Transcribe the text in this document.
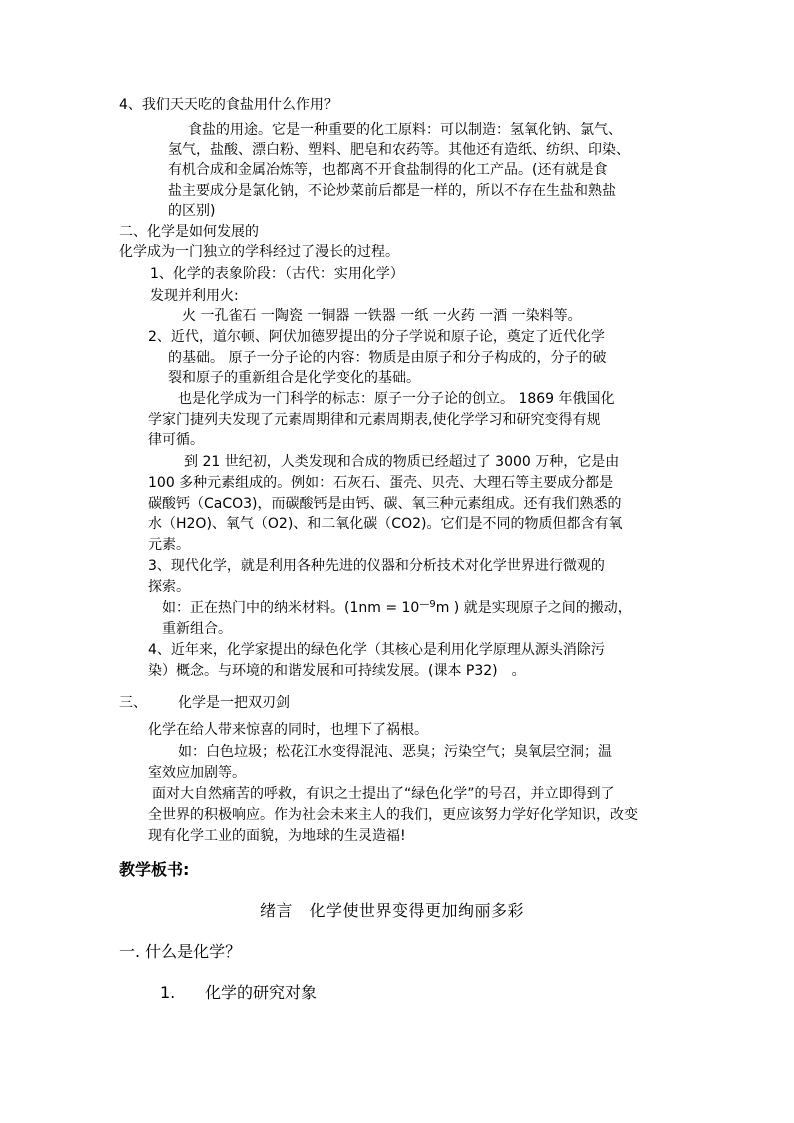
4、我们天天吃的食盐用什么作用？

食盐的用途。它是一种重要的化工原料：可以制造：氢氧化钠、氯气、

氢气，盐酸、漂白粉、塑料、肥皂和农药等。其他还有造纸、纺织、印染、

有机合成和金属冶炼等，也都离不开食盐制得的化工产品。(还有就是食

盐主要成分是氯化钠，不论炒菜前后都是一样的，所以不存在生盐和熟盐

的区别)

二、化学是如何发展的

化学成为一门独立的学科经过了漫长的过程。

1、化学的表象阶段：（古代：实用化学）

发现并利用火:

火 一孔雀石 一陶瓷 一铜器 一铁器 一纸 一火药 一酒 一染料等。

2、近代，道尔顿、阿伏加德罗提出的分子学说和原子论，奠定了近代化学

的基础。 原子一分子论的内容：物质是由原子和分子构成的，分子的破

裂和原子的重新组合是化学变化的基础。

也是化学成为一门科学的标志：原子一分子论的创立。 1869 年俄国化

学家门捷列夫发现了元素周期律和元素周期表,使化学学习和研究变得有规

律可循。

到 21 世纪初，人类发现和合成的物质已经超过了 3000 万种，它是由

100 多种元素组成的。例如：石灰石、蛋壳、贝壳、大理石等主要成分都是

碳酸钙（CaCO3)，而碳酸钙是由钙、碳、氧三种元素组成。还有我们熟悉的

水（H2O)、氧气（O2)、和二氧化碳（CO2)。它们是不同的物质但都含有氧

元素。

3、现代化学，就是利用各种先进的仪器和分析技术对化学世界进行微观的

探索。

如：正在热门中的纳米材料。($1nm = 10^{—9}m$ ) 就是实现原子之间的搬动，

重新组合。

4、近年来，化学家提出的绿色化学（其核心是利用化学原理从源头消除污

染）概念。与环境的和谐发展和可持续发展。(课本 P32)　。

三、 化学是一把双刃剑

化学在给人带来惊喜的同时，也埋下了祸根。

如：白色垃圾；松花江水变得混沌、恶臭；污染空气；臭氧层空洞；温

室效应加剧等。

面对大自然痛苦的呼救，有识之士提出了“绿色化学”的号召，并立即得到了

全世界的积极响应。作为社会未来主人的我们，更应该努力学好化学知识，改变

现有化学工业的面貌，为地球的生灵造福!

教学板书:

绪言　化学使世界变得更加绚丽多彩

一. 什么是化学？

1. 化学的研究对象
